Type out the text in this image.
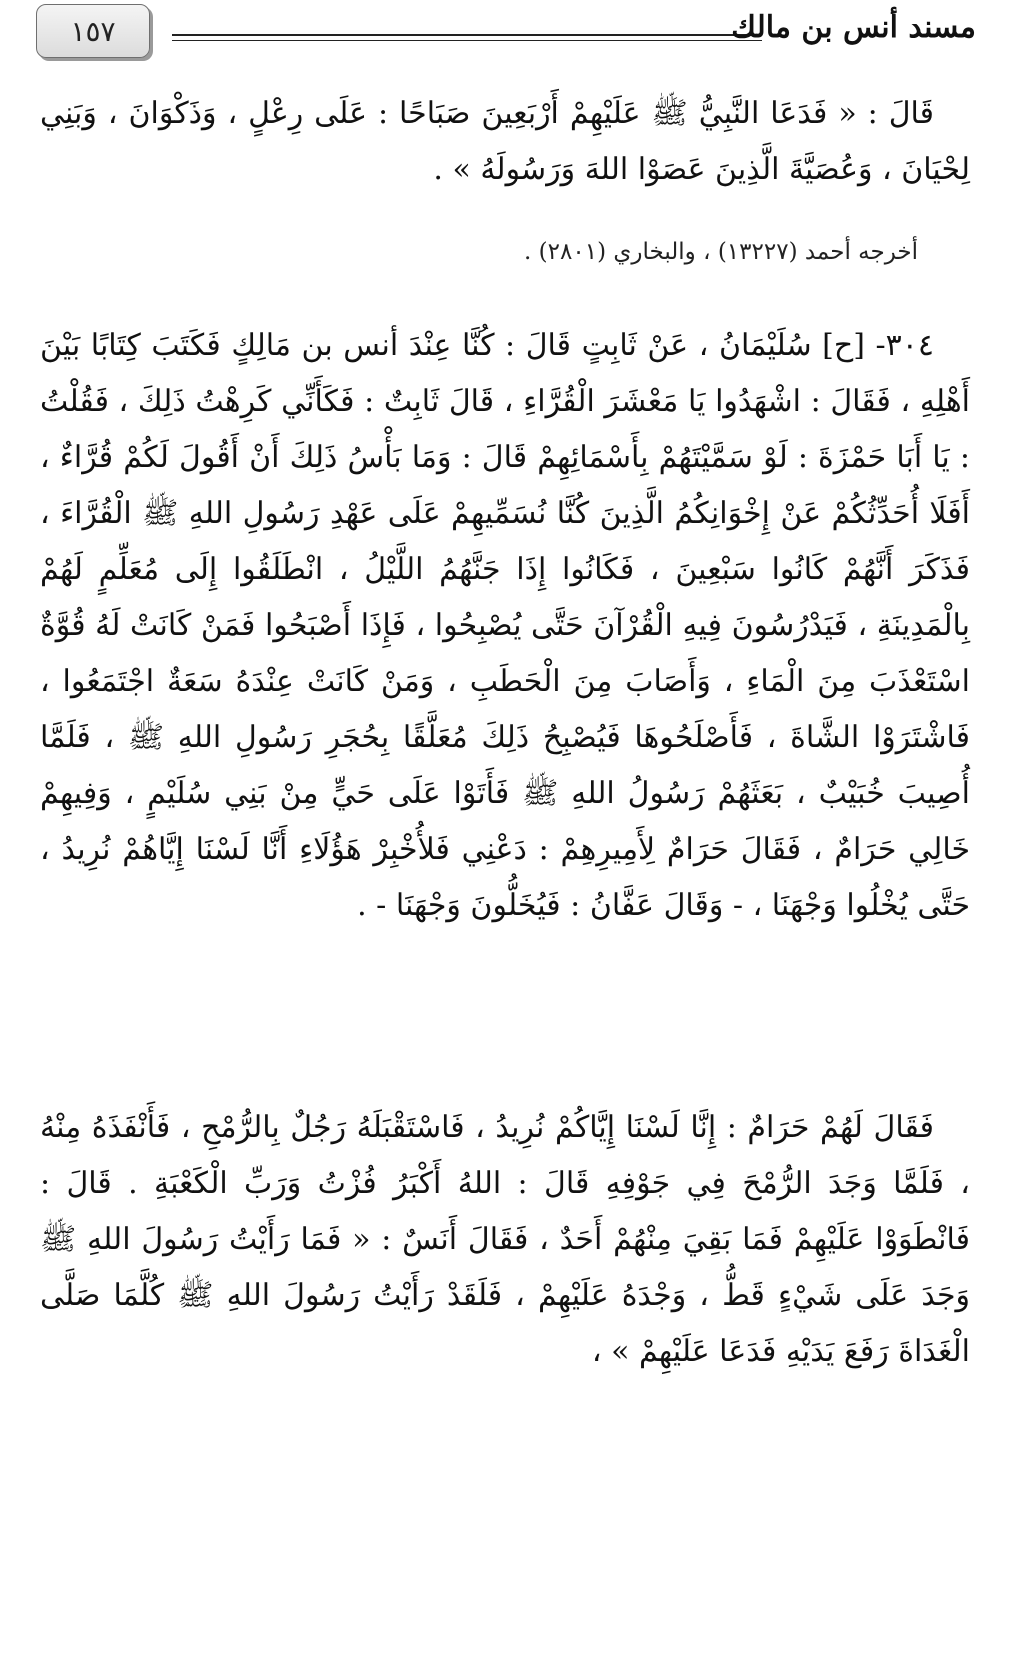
١٥٧	مسند أنس بن مالك

قَالَ : « فَدَعَا النَّبِيُّ ﷺ عَلَيْهِمْ أَرْبَعِينَ صَبَاحًا : عَلَى رِعْلٍ ، وَذَكْوَانَ ، وَبَنِي لِحْيَانَ ، وَعُصَيَّةَ الَّذِينَ عَصَوْا اللهَ وَرَسُولَهُ » .

أخرجه أحمد (١٣٢٢٧) ، والبخاري (٢٨٠١) .

٣٠٤- [ح] سُلَيْمَانُ ، عَنْ ثَابِتٍ قَالَ : كُنَّا عِنْدَ أنس بن مَالِكٍ فَكَتَبَ كِتَابًا بَيْنَ أَهْلِهِ ، فَقَالَ : اشْهَدُوا يَا مَعْشَرَ الْقُرَّاءِ ، قَالَ ثَابِتٌ : فَكَأَنِّي كَرِهْتُ ذَلِكَ ، فَقُلْتُ : يَا أَبَا حَمْزَةَ : لَوْ سَمَّيْتَهُمْ بِأَسْمَائِهِمْ قَالَ : وَمَا بَأْسُ ذَلِكَ أَنْ أَقُولَ لَكُمْ قُرَّاءٌ ، أَفَلَا أُحَدِّثُكُمْ عَنْ إِخْوَانِكُمُ الَّذِينَ كُنَّا نُسَمِّيهِمْ عَلَى عَهْدِ رَسُولِ اللهِ ﷺ الْقُرَّاءَ ، فَذَكَرَ أَنَّهُمْ كَانُوا سَبْعِينَ ، فَكَانُوا إِذَا جَنَّهُمُ اللَّيْلُ ، انْطَلَقُوا إِلَى مُعَلِّمٍ لَهُمْ بِالْمَدِينَةِ ، فَيَدْرُسُونَ فِيهِ الْقُرْآنَ حَتَّى يُصْبِحُوا ، فَإِذَا أَصْبَحُوا فَمَنْ كَانَتْ لَهُ قُوَّةٌ اسْتَعْذَبَ مِنَ الْمَاءِ ، وَأَصَابَ مِنَ الْحَطَبِ ، وَمَنْ كَانَتْ عِنْدَهُ سَعَةٌ اجْتَمَعُوا ، فَاشْتَرَوْا الشَّاةَ ، فَأَصْلَحُوهَا فَيُصْبِحُ ذَلِكَ مُعَلَّقًا بِحُجَرِ رَسُولِ اللهِ ﷺ ، فَلَمَّا أُصِيبَ خُبَيْبٌ ، بَعَثَهُمْ رَسُولُ اللهِ ﷺ فَأَتَوْا عَلَى حَيٍّ مِنْ بَنِي سُلَيْمٍ ، وَفِيهِمْ خَالِي حَرَامٌ ، فَقَالَ حَرَامٌ لِأَمِيرِهِمْ : دَعْنِي فَلأُخْبِرْ هَؤُلَاءِ أَنَّا لَسْنَا إِيَّاهُمْ نُرِيدُ ، حَتَّى يُخْلُوا وَجْهَنَا ، - وَقَالَ عَفَّانُ : فَيُخَلُّونَ وَجْهَنَا - .

فَقَالَ لَهُمْ حَرَامٌ : إِنَّا لَسْنَا إِيَّاكُمْ نُرِيدُ ، فَاسْتَقْبَلَهُ رَجُلٌ بِالرُّمْحِ ، فَأَنْفَذَهُ مِنْهُ ، فَلَمَّا وَجَدَ الرُّمْحَ فِي جَوْفِهِ قَالَ : اللهُ أَكْبَرُ فُزْتُ وَرَبِّ الْكَعْبَةِ . قَالَ : فَانْطَوَوْا عَلَيْهِمْ فَمَا بَقِيَ مِنْهُمْ أَحَدٌ ، فَقَالَ أَنَسٌ : « فَمَا رَأَيْتُ رَسُولَ اللهِ ﷺ وَجَدَ عَلَى شَيْءٍ قَطُّ ، وَجْدَهُ عَلَيْهِمْ ، فَلَقَدْ رَأَيْتُ رَسُولَ اللهِ ﷺ كُلَّمَا صَلَّى الْغَدَاةَ رَفَعَ يَدَيْهِ فَدَعَا عَلَيْهِمْ » ،
